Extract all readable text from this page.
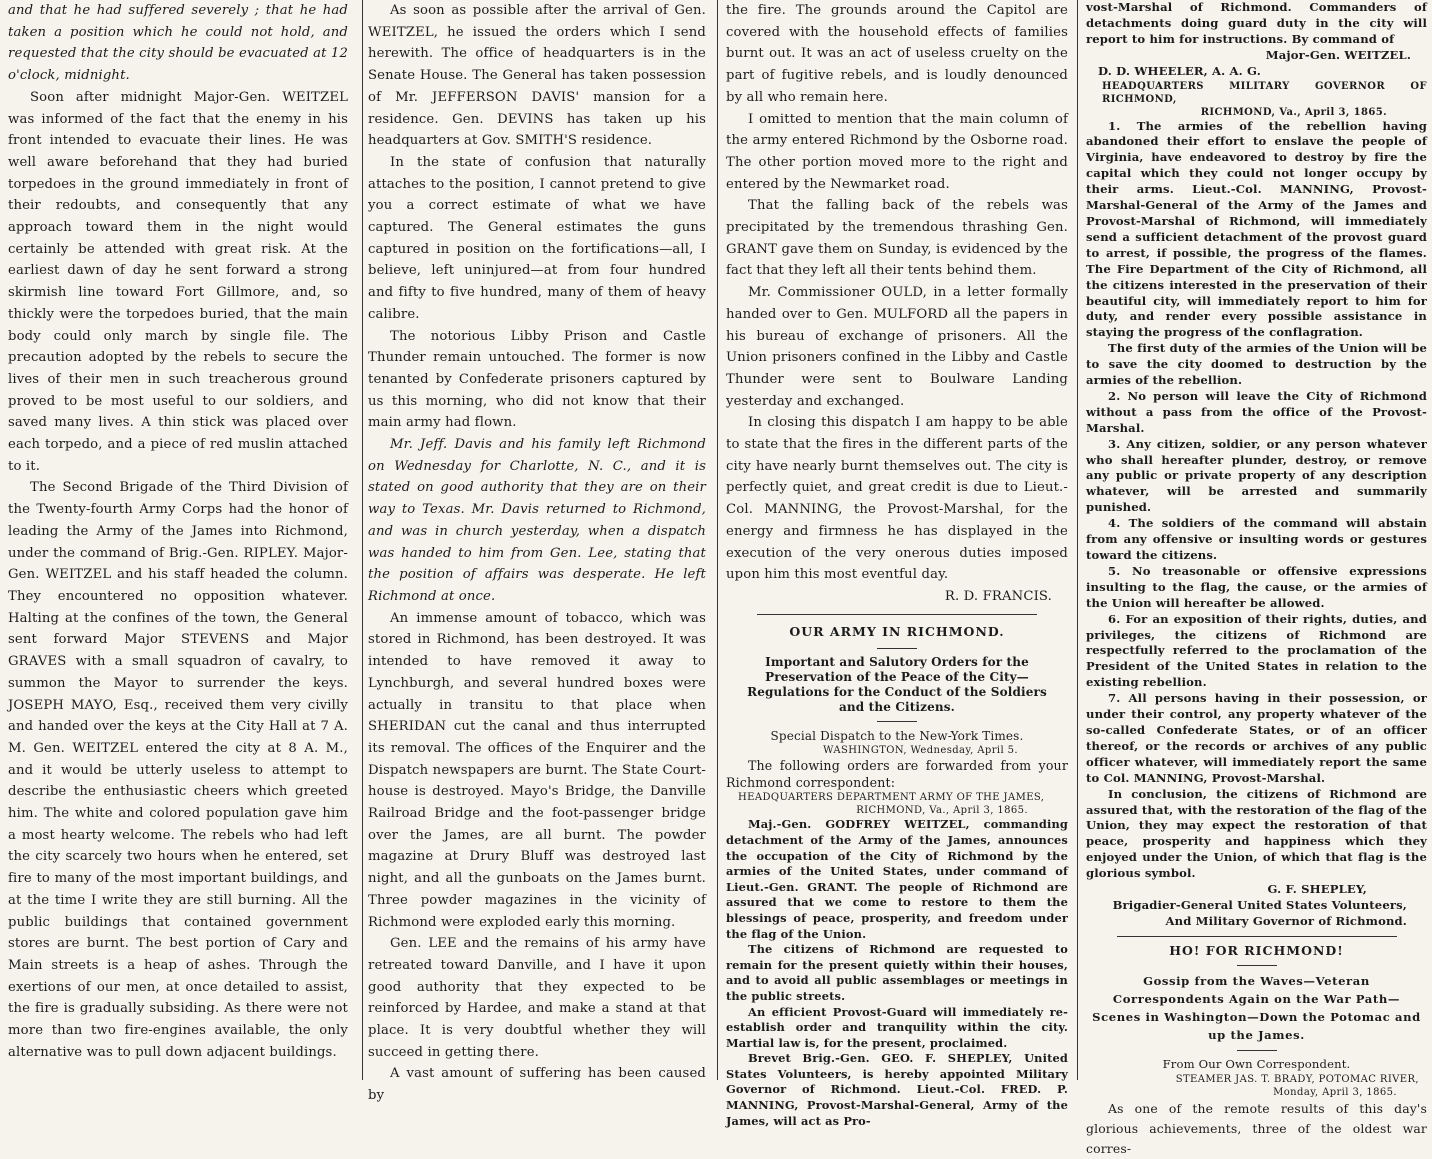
and that he had suffered severely ; that he had taken a position which he could not hold, and requested that the city should be evacuated at 12 o'clock, midnight.

Soon after midnight Major-Gen. WEITZEL was informed of the fact that the enemy in his front intended to evacuate their lines. He was well aware beforehand that they had buried torpedoes in the ground immediately in front of their redoubts, and consequently that any approach toward them in the night would certainly be attended with great risk. At the earliest dawn of day he sent forward a strong skirmish line toward Fort Gillmore, and, so thickly were the torpedoes buried, that the main body could only march by single file. The precaution adopted by the rebels to secure the lives of their men in such treacherous ground proved to be most useful to our soldiers, and saved many lives. A thin stick was placed over each torpedo, and a piece of red muslin attached to it.

The Second Brigade of the Third Division of the Twenty-fourth Army Corps had the honor of leading the Army of the James into Richmond, under the command of Brig.-Gen. RIPLEY. Major-Gen. WEITZEL and his staff headed the column. They encountered no opposition whatever. Halting at the confines of the town, the General sent forward Major STEVENS and Major GRAVES with a small squadron of cavalry, to summon the Mayor to surrender the keys. JOSEPH MAYO, Esq., received them very civilly and handed over the keys at the City Hall at 7 A. M. Gen. WEITZEL entered the city at 8 A. M., and it would be utterly useless to attempt to describe the enthusiastic cheers which greeted him. The white and colored population gave him a most hearty welcome. The rebels who had left the city scarcely two hours when he entered, set fire to many of the most important buildings, and at the time I write they are still burning. All the public buildings that contained government stores are burnt. The best portion of Cary and Main streets is a heap of ashes. Through the exertions of our men, at once detailed to assist, the fire is gradually subsiding. As there were not more than two fire-engines available, the only alternative was to pull down adjacent buildings.

As soon as possible after the arrival of Gen. WEITZEL, he issued the orders which I send herewith. The office of headquarters is in the Senate House. The General has taken possession of Mr. JEFFERSON DAVIS' mansion for a residence. Gen. DEVINS has taken up his headquarters at Gov. SMITH'S residence.

In the state of confusion that naturally attaches to the position, I cannot pretend to give you a correct estimate of what we have captured. The General estimates the guns captured in position on the fortifications—all, I believe, left uninjured—at from four hundred and fifty to five hundred, many of them of heavy calibre.

The notorious Libby Prison and Castle Thunder remain untouched. The former is now tenanted by Confederate prisoners captured by us this morning, who did not know that their main army had flown.

Mr. Jeff. Davis and his family left Richmond on Wednesday for Charlotte, N. C., and it is stated on good authority that they are on their way to Texas. Mr. Davis returned to Richmond, and was in church yesterday, when a dispatch was handed to him from Gen. Lee, stating that the position of affairs was desperate. He left Richmond at once.

An immense amount of tobacco, which was stored in Richmond, has been destroyed. It was intended to have removed it away to Lynchburgh, and several hundred boxes were actually in transitu to that place when SHERIDAN cut the canal and thus interrupted its removal. The offices of the Enquirer and the Dispatch newspapers are burnt. The State Court-house is destroyed. Mayo's Bridge, the Danville Railroad Bridge and the foot-passenger bridge over the James, are all burnt. The powder magazine at Drury Bluff was destroyed last night, and all the gunboats on the James burnt. Three powder magazines in the vicinity of Richmond were exploded early this morning.

Gen. LEE and the remains of his army have retreated toward Danville, and I have it upon good authority that they expected to be reinforced by Hardee, and make a stand at that place. It is very doubtful whether they will succeed in getting there.

A vast amount of suffering has been caused by

the fire. The grounds around the Capitol are covered with the household effects of families burnt out. It was an act of useless cruelty on the part of fugitive rebels, and is loudly denounced by all who remain here.

I omitted to mention that the main column of the army entered Richmond by the Osborne road. The other portion moved more to the right and entered by the Newmarket road.

That the falling back of the rebels was precipitated by the tremendous thrashing Gen. GRANT gave them on Sunday, is evidenced by the fact that they left all their tents behind them.

Mr. Commissioner OULD, in a letter formally handed over to Gen. MULFORD all the papers in his bureau of exchange of prisoners. All the Union prisoners confined in the Libby and Castle Thunder were sent to Boulware Landing yesterday and exchanged.

In closing this dispatch I am happy to be able to state that the fires in the different parts of the city have nearly burnt themselves out. The city is perfectly quiet, and great credit is due to Lieut.-Col. MANNING, the Provost-Marshal, for the energy and firmness he has displayed in the execution of the very onerous duties imposed upon him this most eventful day.

R. D. FRANCIS.

OUR ARMY IN RICHMOND.

Important and Salutory Orders for the Preservation of the Peace of the City—Regulations for the Conduct of the Soldiers and the Citizens.

Special Dispatch to the New-York Times.

WASHINGTON, Wednesday, April 5.

The following orders are forwarded from your Richmond correspondent:

HEADQUARTERS DEPARTMENT ARMY OF THE JAMES,

RICHMOND, Va., April 3, 1865.

Maj.-Gen. GODFREY WEITZEL, commanding detachment of the Army of the James, announces the occupation of the City of Richmond by the armies of the United States, under command of Lieut.-Gen. GRANT. The people of Richmond are assured that we come to restore to them the blessings of peace, prosperity, and freedom under the flag of the Union.

The citizens of Richmond are requested to remain for the present quietly within their houses, and to avoid all public assemblages or meetings in the public streets.

An efficient Provost-Guard will immediately re-establish order and tranquility within the city. Martial law is, for the present, proclaimed.

Brevet Brig.-Gen. GEO. F. SHEPLEY, United States Volunteers, is hereby appointed Military Governor of Richmond. Lieut.-Col. FRED. P. MANNING, Provost-Marshal-General, Army of the James, will act as Pro-

vost-Marshal of Richmond. Commanders of detachments doing guard duty in the city will report to him for instructions. By command of

Major-Gen. WEITZEL.

D. D. WHEELER, A. A. G.

HEADQUARTERS MILITARY GOVERNOR OF RICHMOND,

RICHMOND, Va., April 3, 1865.

1. The armies of the rebellion having abandoned their effort to enslave the people of Virginia, have endeavored to destroy by fire the capital which they could not longer occupy by their arms. Lieut.-Col. MANNING, Provost-Marshal-General of the Army of the James and Provost-Marshal of Richmond, will immediately send a sufficient detachment of the provost guard to arrest, if possible, the progress of the flames. The Fire Department of the City of Richmond, all the citizens interested in the preservation of their beautiful city, will immediately report to him for duty, and render every possible assistance in staying the progress of the conflagration.

The first duty of the armies of the Union will be to save the city doomed to destruction by the armies of the rebellion.

2. No person will leave the City of Richmond without a pass from the office of the Provost-Marshal.

3. Any citizen, soldier, or any person whatever who shall hereafter plunder, destroy, or remove any public or private property of any description whatever, will be arrested and summarily punished.

4. The soldiers of the command will abstain from any offensive or insulting words or gestures toward the citizens.

5. No treasonable or offensive expressions insulting to the flag, the cause, or the armies of the Union will hereafter be allowed.

6. For an exposition of their rights, duties, and privileges, the citizens of Richmond are respectfully referred to the proclamation of the President of the United States in relation to the existing rebellion.

7. All persons having in their possession, or under their control, any property whatever of the so-called Confederate States, or of an officer thereof, or the records or archives of any public officer whatever, will immediately report the same to Col. MANNING, Provost-Marshal.

In conclusion, the citizens of Richmond are assured that, with the restoration of the flag of the Union, they may expect the restoration of that peace, prosperity and happiness which they enjoyed under the Union, of which that flag is the glorious symbol.

G. F. SHEPLEY,

Brigadier-General United States Volunteers,

And Military Governor of Richmond.

HO! FOR RICHMOND!

Gossip from the Waves—Veteran Correspondents Again on the War Path—Scenes in Washington—Down the Potomac and up the James.

From Our Own Correspondent.

STEAMER JAS. T. BRADY, POTOMAC RIVER,

Monday, April 3, 1865.

As one of the remote results of this day's glorious achievements, three of the oldest war corres-
